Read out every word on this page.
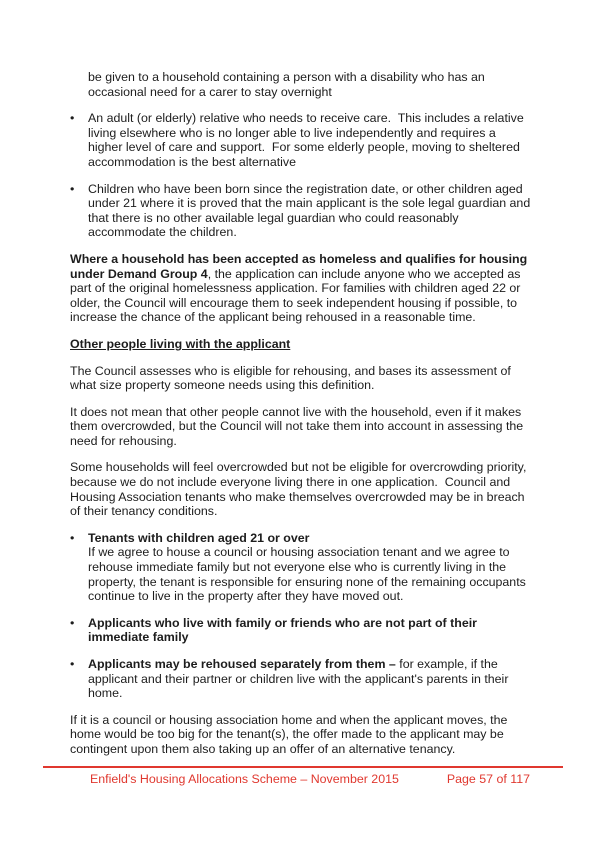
be given to a household containing a person with a disability who has an occasional need for a carer to stay overnight

•	An adult (or elderly) relative who needs to receive care.  This includes a relative living elsewhere who is no longer able to live independently and requires a higher level of care and support.  For some elderly people, moving to sheltered accommodation is the best alternative
•	Children who have been born since the registration date, or other children aged under 21 where it is proved that the main applicant is the sole legal guardian and that there is no other available legal guardian who could reasonably accommodate the children.

Where a household has been accepted as homeless and qualifies for housing under Demand Group 4, the application can include anyone who we accepted as part of the original homelessness application. For families with children aged 22 or older, the Council will encourage them to seek independent housing if possible, to increase the chance of the applicant being rehoused in a reasonable time.

Other people living with the applicant

The Council assesses who is eligible for rehousing, and bases its assessment of what size property someone needs using this definition.

It does not mean that other people cannot live with the household, even if it makes them overcrowded, but the Council will not take them into account in assessing the need for rehousing.

Some households will feel overcrowded but not be eligible for overcrowding priority, because we do not include everyone living there in one application.  Council and Housing Association tenants who make themselves overcrowded may be in breach of their tenancy conditions.

•	Tenants with children aged 21 or over
If we agree to house a council or housing association tenant and we agree to rehouse immediate family but not everyone else who is currently living in the property, the tenant is responsible for ensuring none of the remaining occupants continue to live in the property after they have moved out.
•	Applicants who live with family or friends who are not part of their immediate family
•	Applicants may be rehoused separately from them – for example, if the applicant and their partner or children live with the applicant's parents in their home.

If it is a council or housing association home and when the applicant moves, the home would be too big for the tenant(s), the offer made to the applicant may be contingent upon them also taking up an offer of an alternative tenancy.

Enfield's Housing Allocations Scheme – November 2015	Page 57 of 117
